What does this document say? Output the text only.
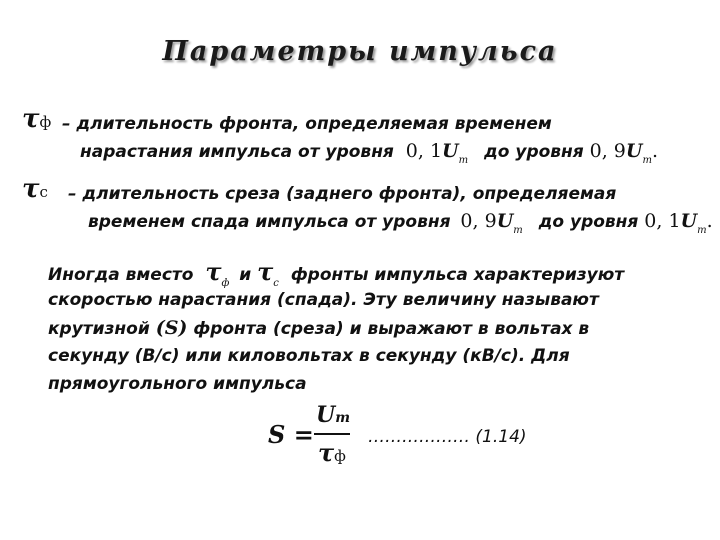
Параметры импульса
τф – длительность фронта, определяемая временем
нарастания импульса от уровня 0, $1U_m$ до уровня 0, $9U_m$.
τс – длительность среза (заднего фронта), определяемая
временем спада импульса от уровня 0, $9U_m$ до уровня 0, $1U_m$.
Иногда вместо $\tau_ф$ и $\tau_с$ фронты импульса характеризуют
скоростью нарастания (спада). Эту величину называют
крутизной (S) фронта (среза) и выражают в вольтах в
секунду (В/с) или киловольтах в секунду (кВ/с). Для
прямоугольного импульса
S =
Um
τф
……………… (1.14)
